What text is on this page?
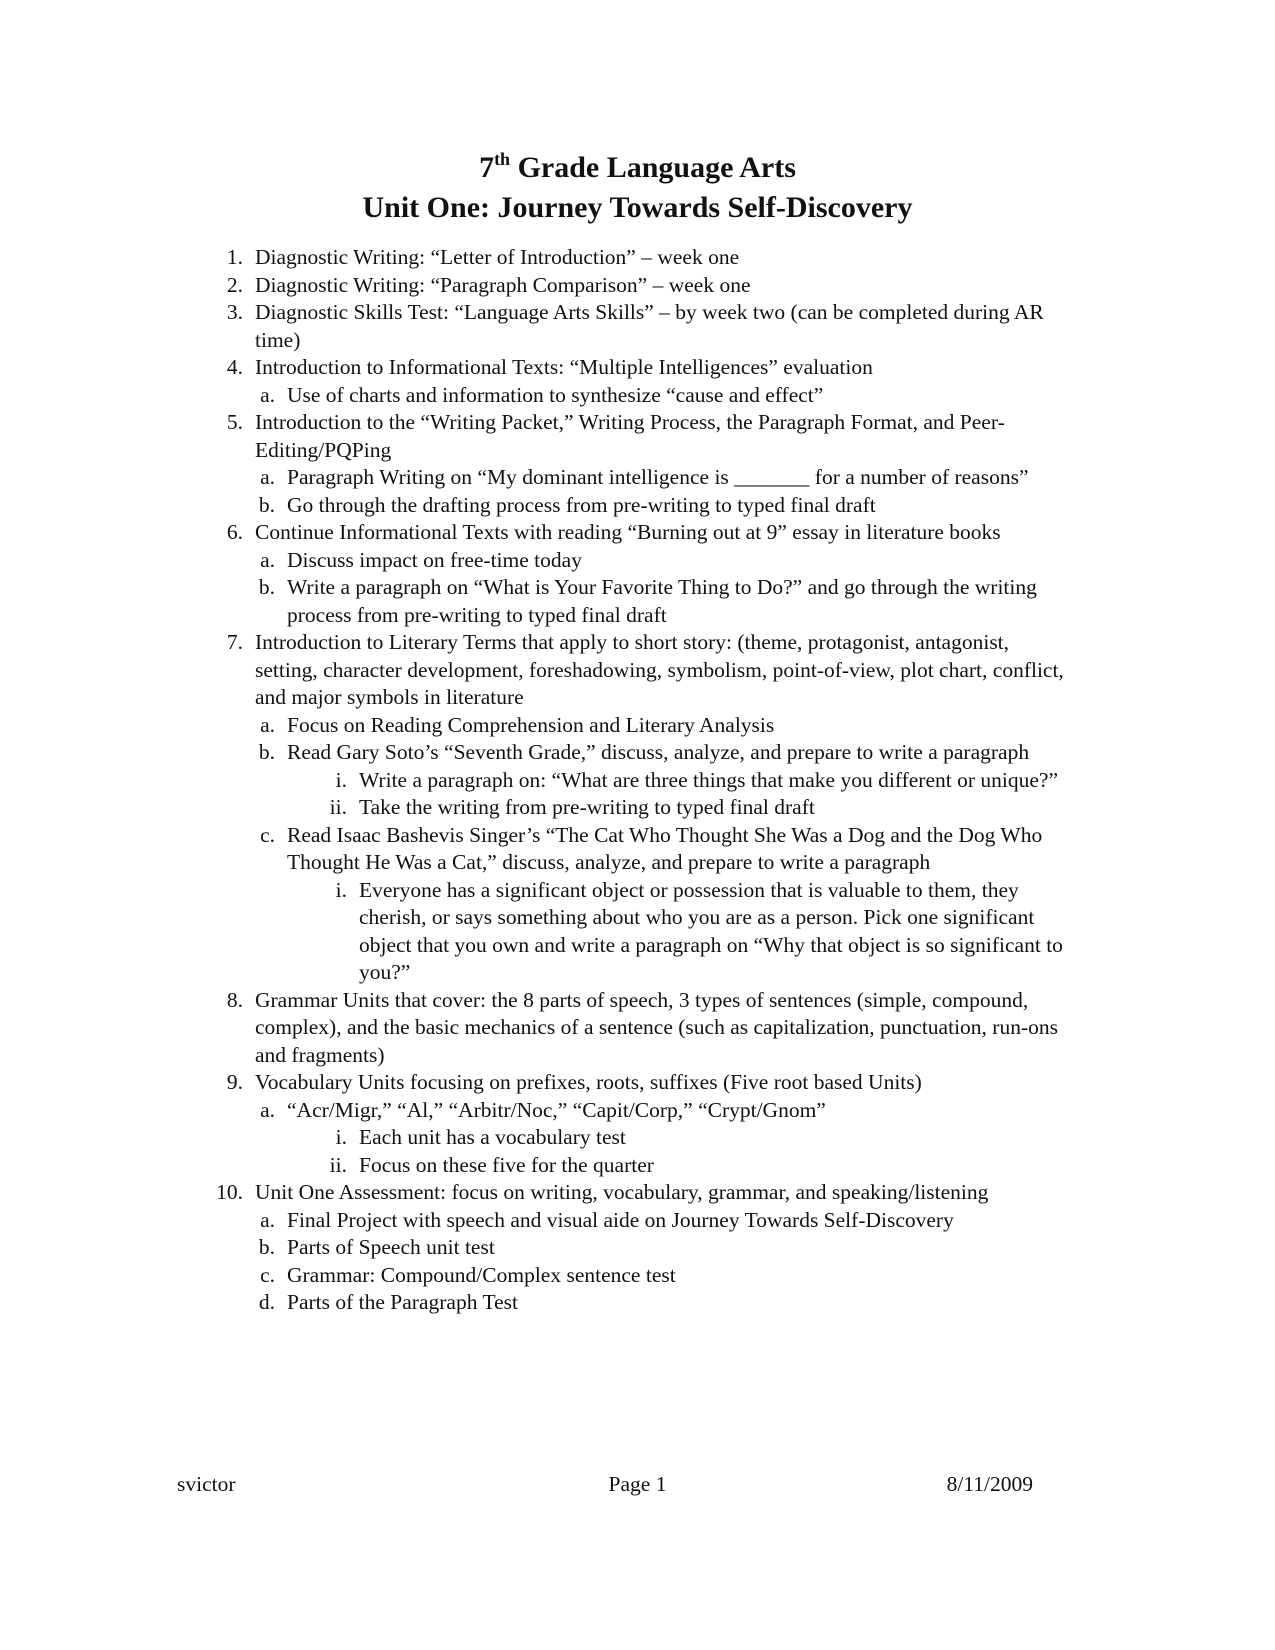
7th Grade Language Arts
Unit One: Journey Towards Self-Discovery
1. Diagnostic Writing: “Letter of Introduction” – week one
2. Diagnostic Writing: “Paragraph Comparison” – week one
3. Diagnostic Skills Test: “Language Arts Skills” – by week two (can be completed during AR time)
4. Introduction to Informational Texts: “Multiple Intelligences” evaluation
a. Use of charts and information to synthesize “cause and effect”
5. Introduction to the “Writing Packet,” Writing Process, the Paragraph Format, and Peer-Editing/PQPing
a. Paragraph Writing on “My dominant intelligence is _______ for a number of reasons”
b. Go through the drafting process from pre-writing to typed final draft
6. Continue Informational Texts with reading “Burning out at 9” essay in literature books
a. Discuss impact on free-time today
b. Write a paragraph on “What is Your Favorite Thing to Do?” and go through the writing process from pre-writing to typed final draft
7. Introduction to Literary Terms that apply to short story: (theme, protagonist, antagonist, setting, character development, foreshadowing, symbolism, point-of-view, plot chart, conflict, and major symbols in literature
a. Focus on Reading Comprehension and Literary Analysis
b. Read Gary Soto’s “Seventh Grade,” discuss, analyze, and prepare to write a paragraph
i. Write a paragraph on: “What are three things that make you different or unique?”
ii. Take the writing from pre-writing to typed final draft
c. Read Isaac Bashevis Singer’s “The Cat Who Thought She Was a Dog and the Dog Who Thought He Was a Cat,” discuss, analyze, and prepare to write a paragraph
i. Everyone has a significant object or possession that is valuable to them, they cherish, or says something about who you are as a person. Pick one significant object that you own and write a paragraph on “Why that object is so significant to you?”
8. Grammar Units that cover: the 8 parts of speech, 3 types of sentences (simple, compound, complex), and the basic mechanics of a sentence (such as capitalization, punctuation, run-ons and fragments)
9. Vocabulary Units focusing on prefixes, roots, suffixes (Five root based Units)
a. “Acr/Migr,” “Al,” “Arbitr/Noc,” “Capit/Corp,” “Crypt/Gnom”
i. Each unit has a vocabulary test
ii. Focus on these five for the quarter
10. Unit One Assessment: focus on writing, vocabulary, grammar, and speaking/listening
a. Final Project with speech and visual aide on Journey Towards Self-Discovery
b. Parts of Speech unit test
c. Grammar: Compound/Complex sentence test
d. Parts of the Paragraph Test
svictor	Page 1	8/11/2009
